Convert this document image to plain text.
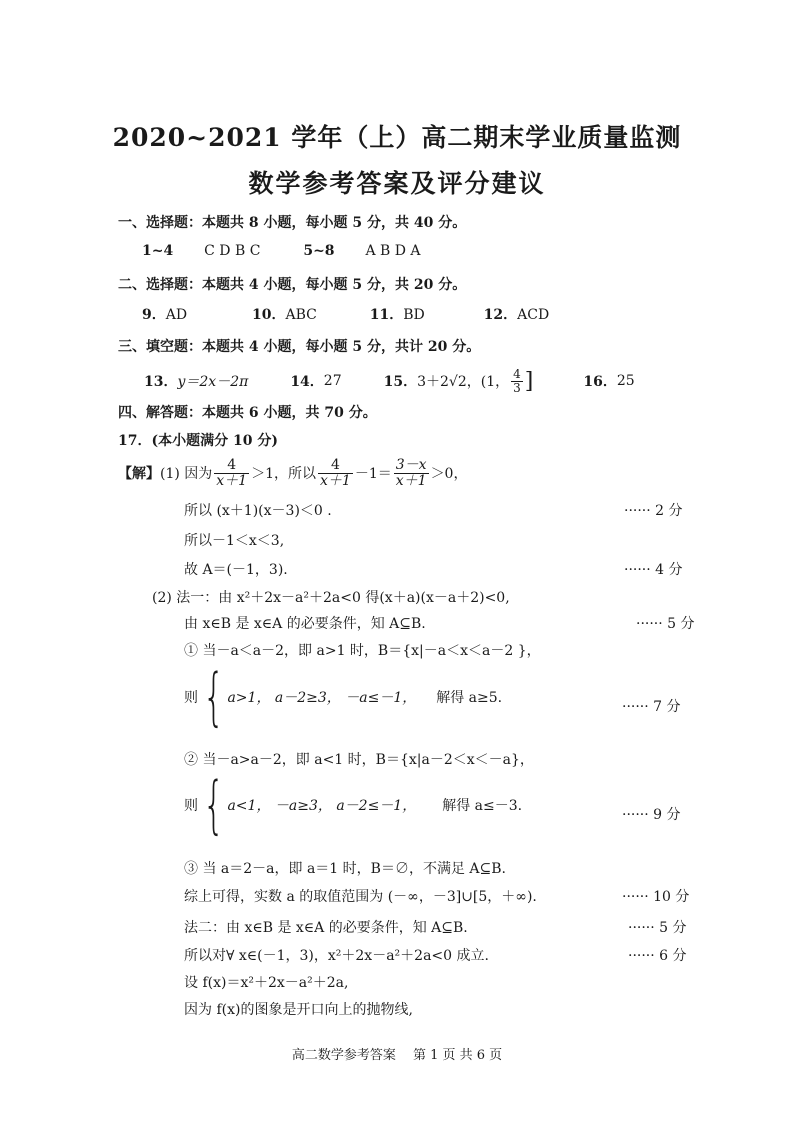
2020~2021 学年（上）高二期末学业质量监测
数学参考答案及评分建议
一、选择题：本题共 8 小题，每小题 5 分，共 40 分。
1~4 C D B C	5~8 A B D A
二、选择题：本题共 4 小题，每小题 5 分，共 20 分。
9．AD	10．ABC	11．BD	12．ACD
三、填空题：本题共 4 小题，每小题 5 分，共计 20 分。
13． y＝2x－2π	14． 27	15． 3＋2√2， (1， $\frac{4}{3}$ ]	16． 25
四、解答题：本题共 6 小题，共 70 分。
17．(本小题满分 10 分)
【解】 (1) 因为 $\frac{4}{x+1} >1$，所以 $\frac{4}{x+1} -1= \frac{3-x}{x+1} >0$，
所以 (x＋1)(x－3)＜0 .	······ 2 分
所以－1＜x＜3,
故 A＝(－1，3).	······ 4 分
(2) 法一：由 x²＋2x－a²＋2a<0 得(x＋a)(x－a＋2)<0,
由 x∈B 是 x∈A 的必要条件，知 A⊆B.	······ 5 分
① 当－a＜a－2，即 a>1 时，B＝{x|－a＜x＜a－2 }，
则 { a>1， a－2≥3， －a≤－1， 解得 a≥5.
······ 7 分
② 当－a>a－2，即 a<1 时，B＝{x|a－2＜x＜－a}，
则 { a<1， －a≥3， a－2≤－1， 解得 a≤－3.
······ 9 分
③ 当 a＝2－a，即 a＝1 时，B＝∅，不满足 A⊆B.
综上可得，实数 a 的取值范围为 (－∞，－3]∪[5，＋∞).	······ 10 分
法二：由 x∈B 是 x∈A 的必要条件，知 A⊆B.	······ 5 分
所以对∀ x∈(－1，3)，x²＋2x－a²＋2a<0 成立.	······ 6 分
设 f(x)＝x²＋2x－a²＋2a,
因为 f(x)的图象是开口向上的抛物线,
高二数学参考答案　 第 1 页 共 6 页
